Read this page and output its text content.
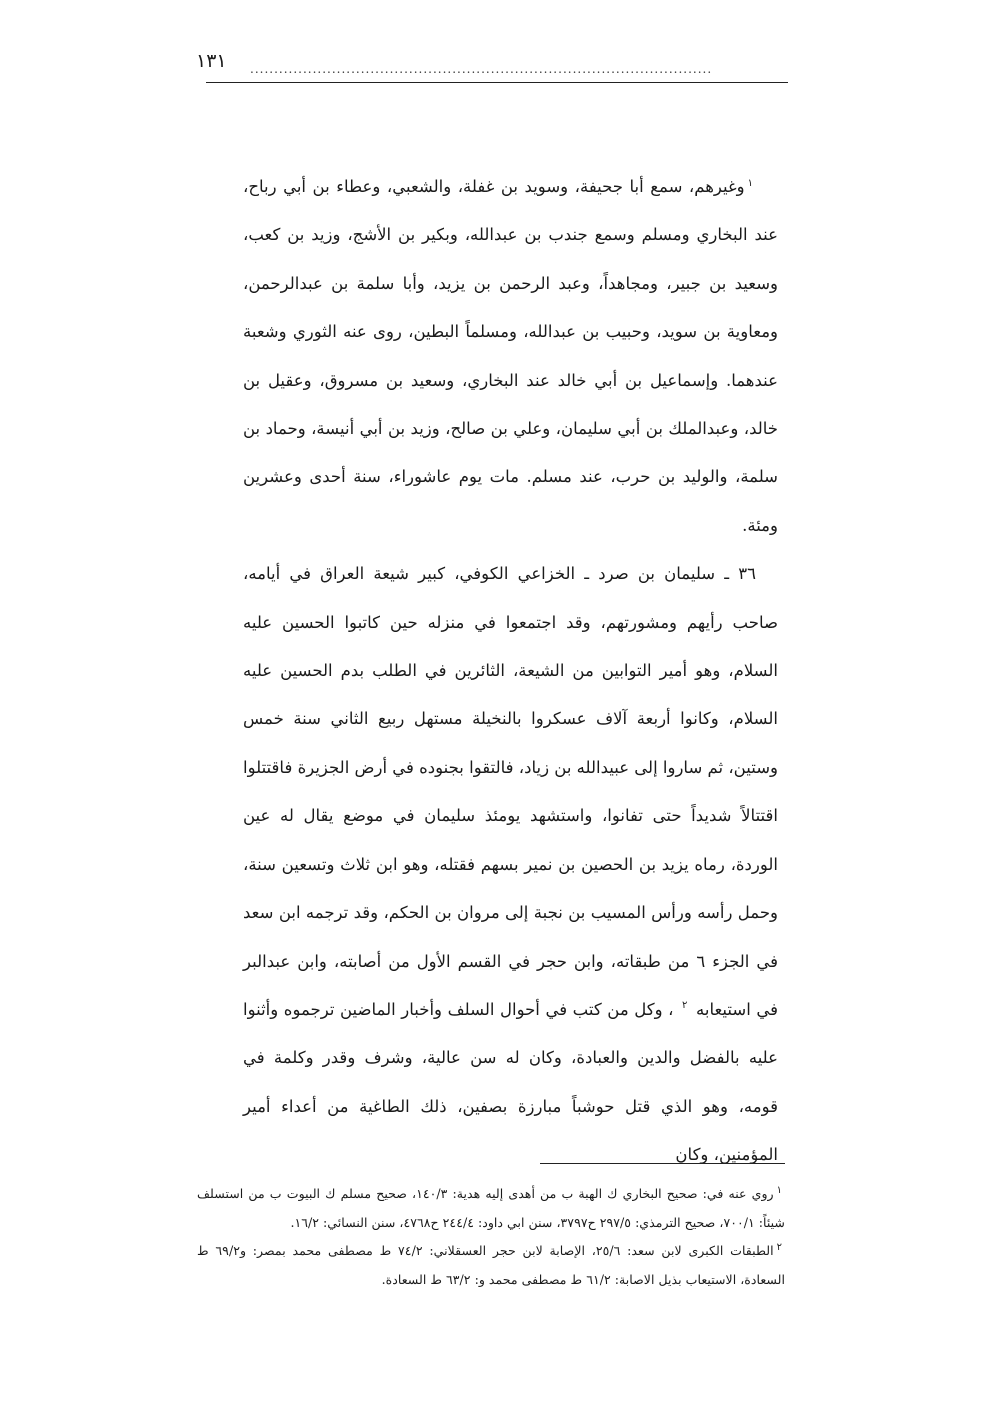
١٣١ ................................................................................................

$^١$وغيرهم، سمع أبا جحيفة، وسويد بن غفلة، والشعبي، وعطاء بن أبي رباح، عند البخاري ومسلم وسمع جندب بن عبدالله، وبكير بن الأشج، وزيد بن كعب، وسعيد بن جبير، ومجاهداً، وعبد الرحمن بن يزيد، وأبا سلمة بن عبدالرحمن، ومعاوية بن سويد، وحبيب بن عبدالله، ومسلماً البطين، روى عنه الثوري وشعبة عندهما. وإسماعيل بن أبي خالد عند البخاري، وسعيد بن مسروق، وعقيل بن خالد، وعبدالملك بن أبي سليمان، وعلي بن صالح، وزيد بن أبي أنيسة، وحماد بن سلمة، والوليد بن حرب، عند مسلم. مات يوم عاشوراء، سنة أحدى وعشرين ومئة.

٣٦ ـ سليمان بن صرد ـ الخزاعي الكوفي، كبير شيعة العراق في أيامه، صاحب رأيهم ومشورتهم، وقد اجتمعوا في منزله حين كاتبوا الحسين عليه السلام، وهو أمير التوابين من الشيعة، الثائرين في الطلب بدم الحسين عليه السلام، وكانوا أربعة آلاف عسكروا بالنخيلة مستهل ربيع الثاني سنة خمس وستين، ثم ساروا إلى عبيدالله بن زياد، فالتقوا بجنوده في أرض الجزيرة فاقتتلوا اقتتالاً شديداً حتى تفانوا، واستشهد يومئذ سليمان في موضع يقال له عين الوردة، رماه يزيد بن الحصين بن نمير بسهم فقتله، وهو ابن ثلاث وتسعين سنة، وحمل رأسه ورأس المسيب بن نجبة إلى مروان بن الحكم، وقد ترجمه ابن سعد في الجزء ٦ من طبقاته، وابن حجر في القسم الأول من أصابته، وابن عبدالبر في استيعابه $^٢$ ، وكل من كتب في أحوال السلف وأخبار الماضين ترجموه وأثنوا عليه بالفضل والدين والعبادة، وكان له سن عالية، وشرف وقدر وكلمة في قومه، وهو الذي قتل حوشباً مبارزة بصفين، ذلك الطاغية من أعداء أمير المؤمنين، وكان

$^١$روي عنه في: صحيح البخاري ك الهبة ب من أهدى إليه هدية: ١٤٠/٣، صحيح مسلم ك البيوت ب من استسلف شيئاً: ٧٠٠/١، صحيح الترمذي: ٢٩٧/٥ ح٣٧٩٧، سنن ابي داود: ٢٤٤/٤ ح٤٧٦٨، سنن النسائي: ١٦/٢.

$^٢$الطبقات الكبرى لابن سعد: ٢٥/٦، الإصابة لابن حجر العسقلاني: ٧٤/٢ ط مصطفى محمد بمصر: و٦٩/٢ ط السعادة، الاستيعاب بذيل الاصابة: ٦١/٢ ط مصطفى محمد و: ٦٣/٢ ط السعادة.
